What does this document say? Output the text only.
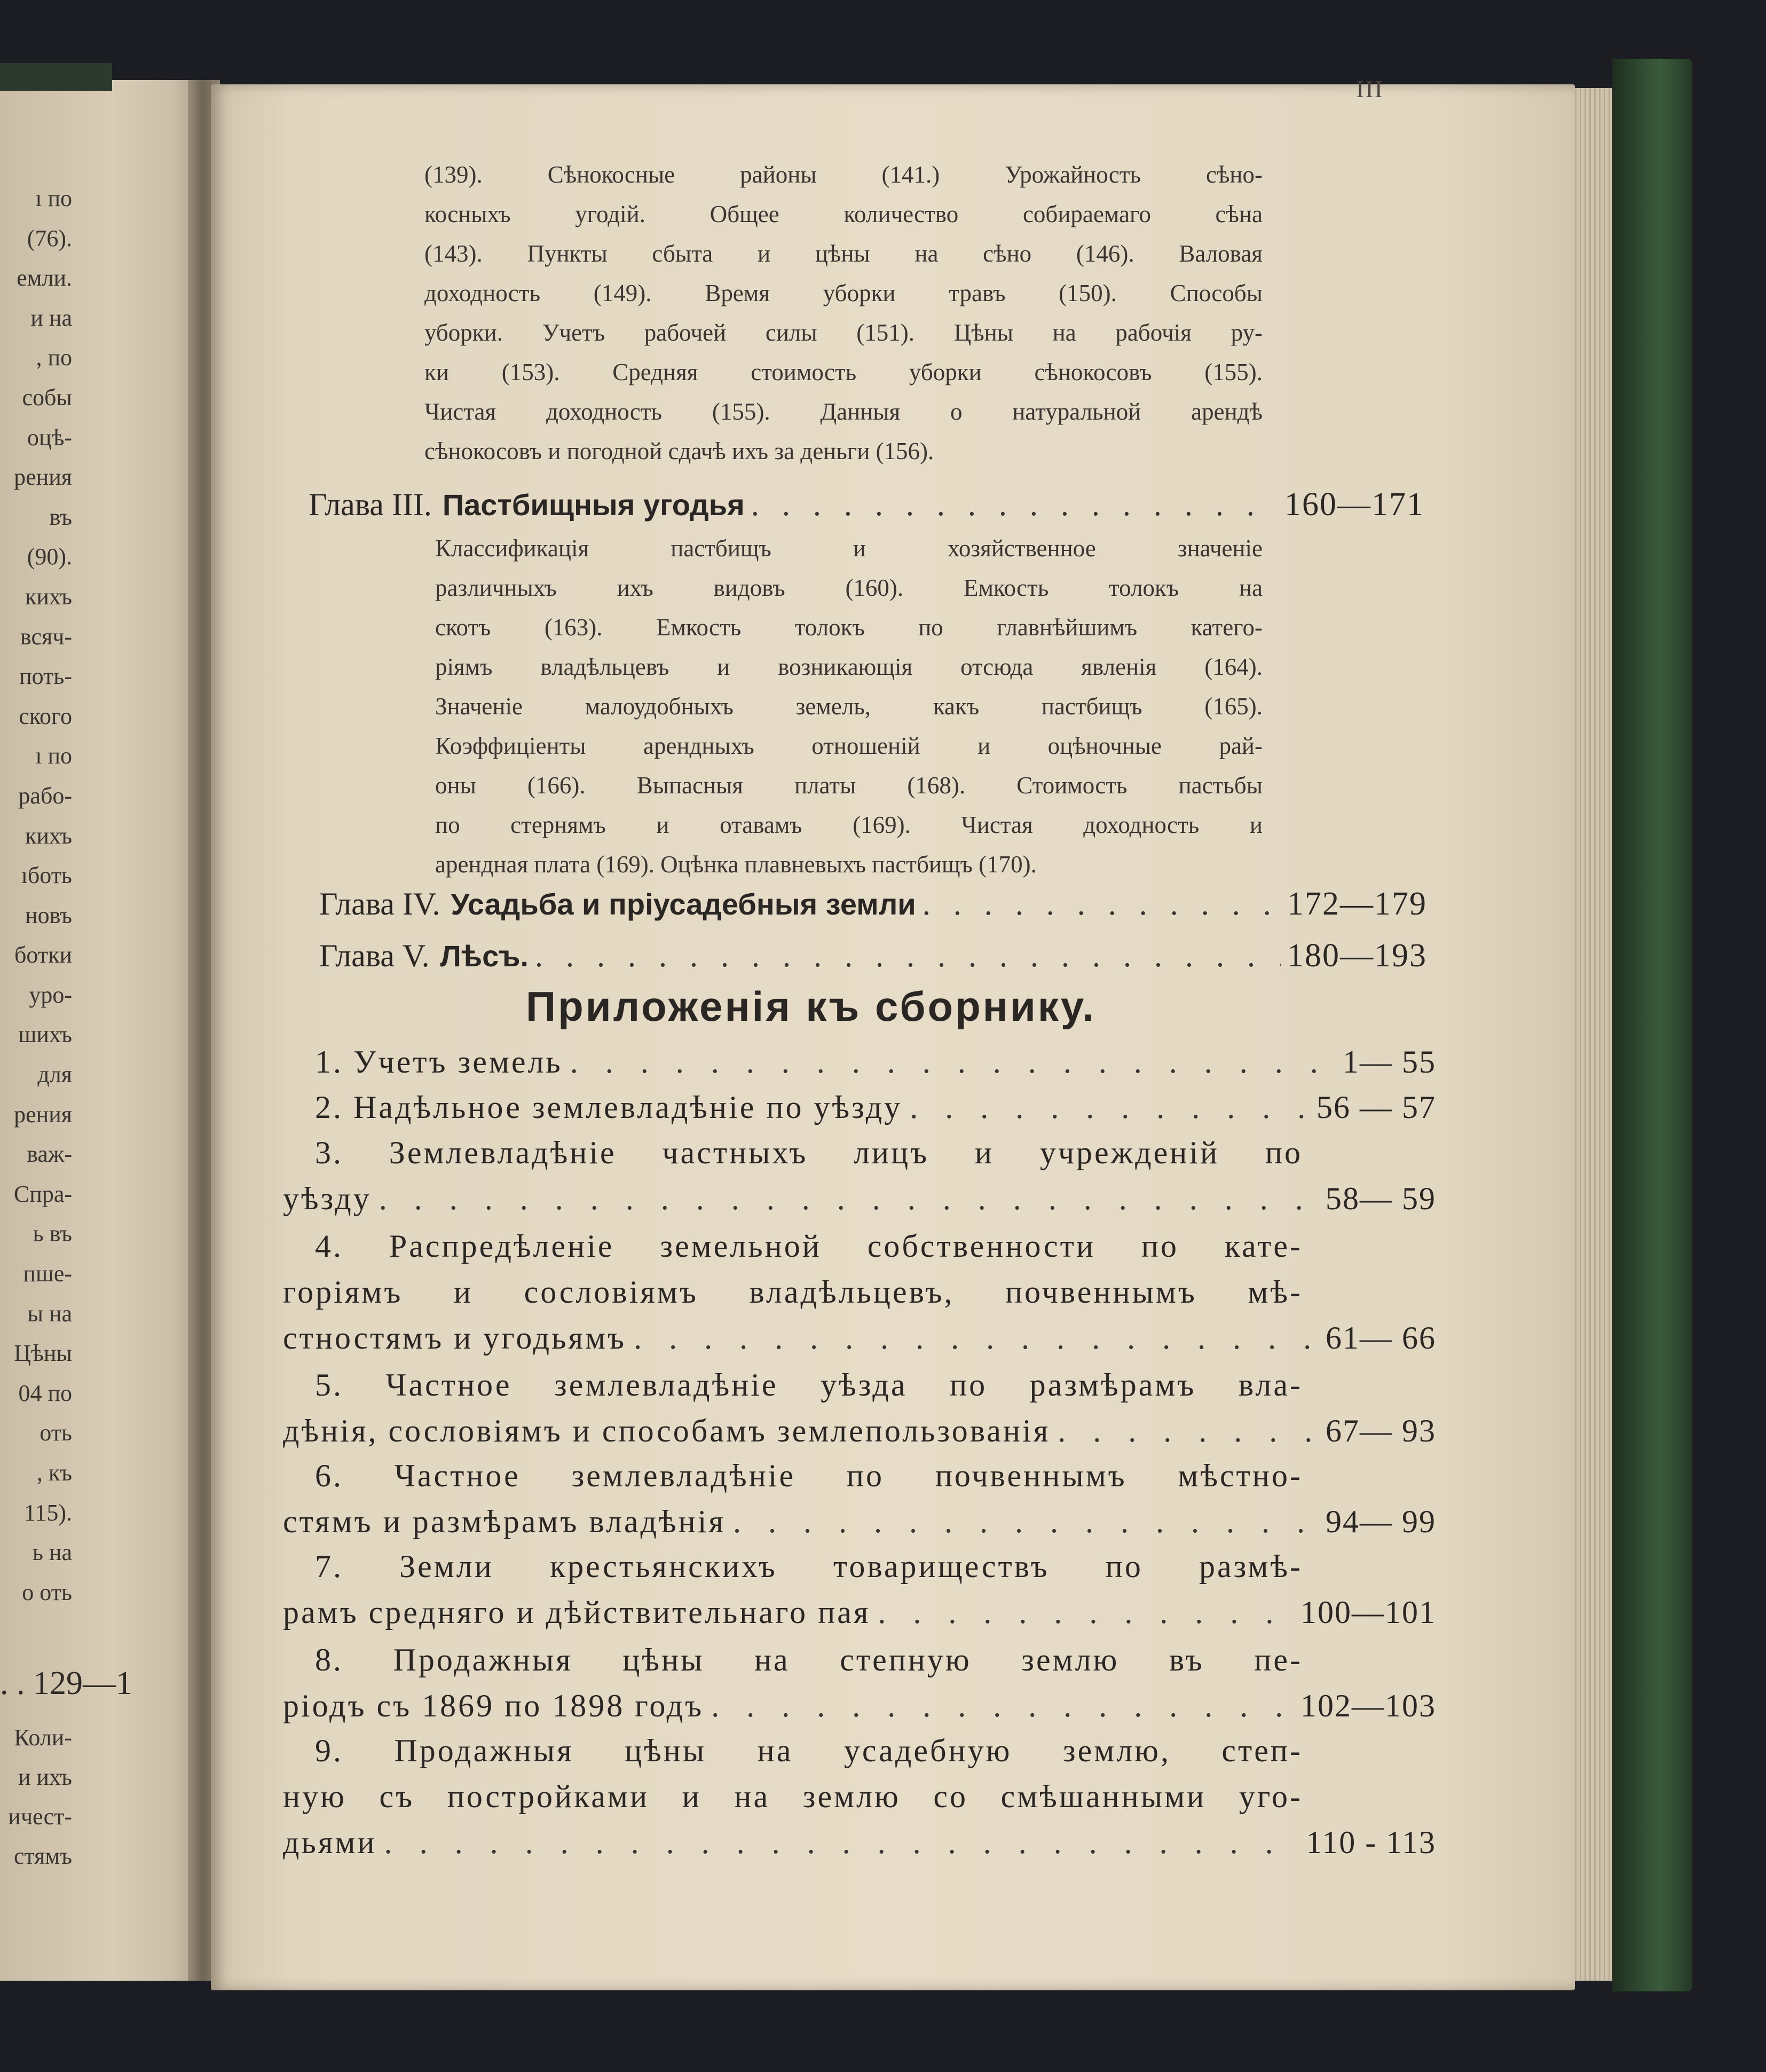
ı по
(76).
емли.
и на
, по
собы
оцѣ-
рения
въ
(90).
кихъ
всяч-
поть-
ского
ı по
рабо-
кихъ
ıботь
новъ
ботки
уро-
шихъ
для
рения
важ-
Спра-
ь въ
пше-
ы на
Цѣны
04 по
оть
, къ
115).
ь на
о оть
. . 129—1
Коли-
и ихъ
ичест-
стямъ
III
(139). Сѣнокосные районы (141.) Урожайность сѣно-
косныхъ угодій. Общее количество собираемаго сѣна
(143). Пункты сбыта и цѣны на сѣно (146). Валовая
доходность (149). Время уборки травъ (150). Способы
уборки. Учетъ рабочей силы (151). Цѣны на рабочія ру-
ки (153). Средняя стоимость уборки сѣнокосовъ (155).
Чистая доходность (155). Данныя о натуральной арендѣ
сѣнокосовъ и погодной сдачѣ ихъ за деньги (156).
Глава III. Пастбищныя угодья . . .	160—171
Классификація пастбищъ и хозяйственное значеніе
различныхъ ихъ видовъ (160). Емкость толокъ на
скотъ (163). Емкость толокъ по главнѣйшимъ катего-
ріямъ владѣльцевъ и возникающія отсюда явленія (164).
Значеніе малоудобныхъ земель, какъ пастбищъ (165).
Коэффиціенты арендныхъ отношеній и оцѣночные рай-
оны (166). Выпасныя платы (168). Стоимость пастьбы
по стернямъ и отавамъ (169). Чистая доходность и
арендная плата (169). Оцѣнка плавневыхъ пастбищъ (170).
Глава IV. Усадьба и пріусадебныя земли . . .	172—179
Глава V. Лѣсъ. . . .	180—193
Приложенія къ сборнику.
1. Учетъ земель . . .	1— 55
2. Надѣльное землевладѣніе по уѣзду . . .	56 — 57
3. Землевладѣніе частныхъ лицъ и учрежденій по
уѣзду . . .	58— 59
4. Распредѣленіе земельной собственности по кате-
горіямъ и сословіямъ владѣльцевъ, почвеннымъ мѣ-
стностямъ и угодьямъ . . .	61— 66
5. Частное землевладѣніе уѣзда по размѣрамъ вла-
дѣнія, сословіямъ и способамъ землепользованія . . .	67— 93
6. Частное землевладѣніе по почвеннымъ мѣстно-
стямъ и размѣрамъ владѣнія . . .	94— 99
7. Земли крестьянскихъ товариществъ по размѣ-
рамъ средняго и дѣйствительнаго пая . . .	100—101
8. Продажныя цѣны на степную землю въ пе-
ріодъ съ 1869 по 1898 годъ . . .	102—103
9. Продажныя цѣны на усадебную землю, степ-
ную съ постройками и на землю со смѣшанными уго-
дьями . . .	110 - 113
